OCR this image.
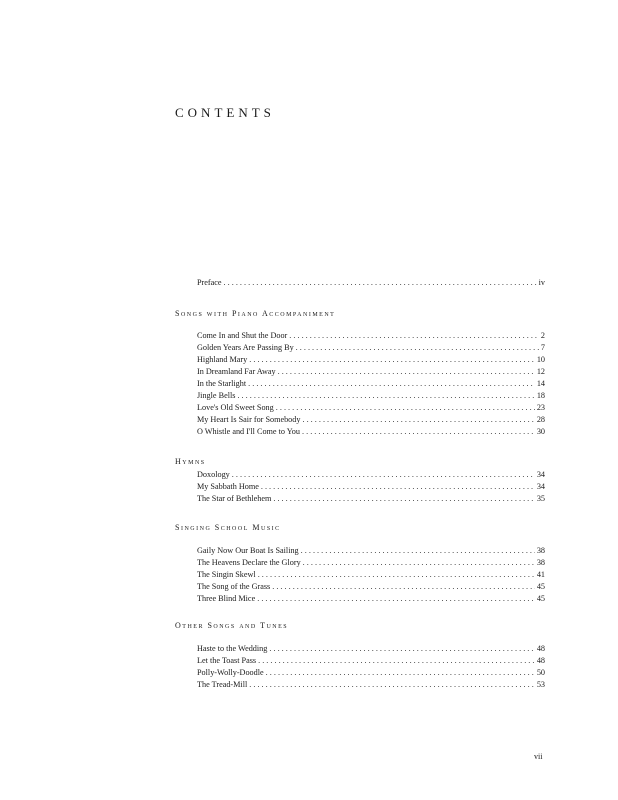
CONTENTS
Preface . . .	iv
Songs with Piano Accompaniment
Come In and Shut the Door . . .	2
Golden Years Are Passing By . . .	7
Highland Mary . . .	10
In Dreamland Far Away . . .	12
In the Starlight . . .	14
Jingle Bells . . .	18
Love's Old Sweet Song . . .	23
My Heart Is Sair for Somebody . . .	28
O Whistle and I'll Come to You . . .	30
Hymns
Doxology . . .	34
My Sabbath Home . . .	34
The Star of Bethlehem . . .	35
Singing School Music
Gaily Now Our Boat Is Sailing . . .	38
The Heavens Declare the Glory . . .	38
The Singin Skewl . . .	41
The Song of the Grass . . .	45
Three Blind Mice . . .	45
Other Songs and Tunes
Haste to the Wedding . . .	48
Let the Toast Pass . . .	48
Polly-Wolly-Doodle . . .	50
The Tread-Mill . . .	53
vii
